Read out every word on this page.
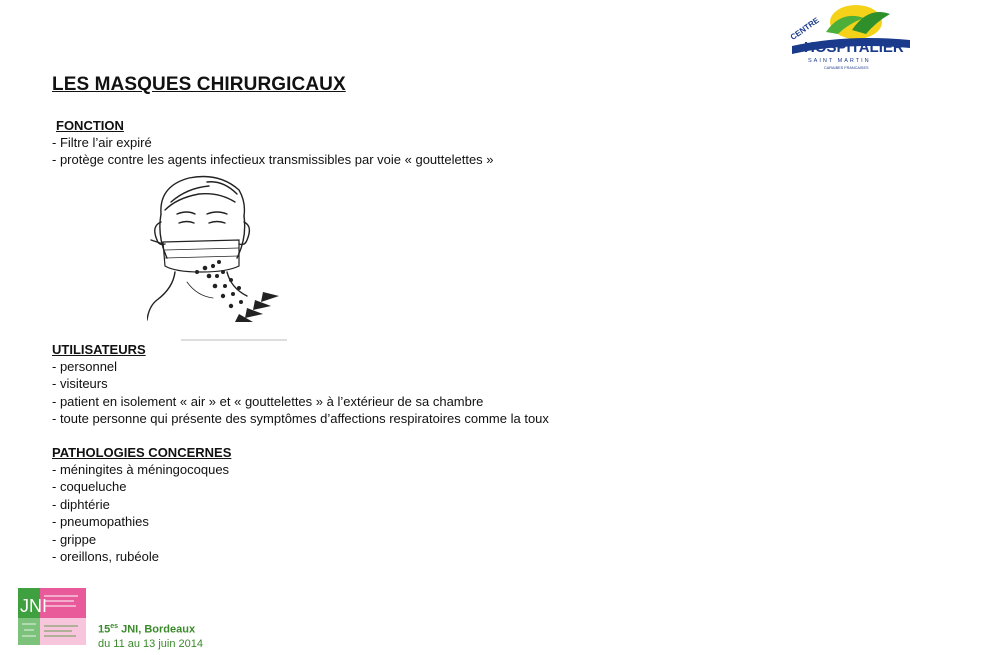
CENTRE
HOSPITALIER
SAINT MARTIN
CARAIBES FRANCAISES
LES MASQUES CHIRURGICAUX
FONCTION
- Filtre l’air expiré
- protège contre les agents infectieux transmissibles par voie « gouttelettes »
UTILISATEURS
- personnel
- visiteurs
- patient en isolement « air » et « gouttelettes » à l’extérieur de sa chambre
- toute personne qui présente des symptômes d’affections respiratoires comme la toux
PATHOLOGIES CONCERNES
- méningites à méningocoques
- coqueluche
- diphtérie
- pneumopathies
- grippe
- oreillons, rubéole
JNI
$15^{es}$ JNI, Bordeaux
du 11 au 13 juin 2014
